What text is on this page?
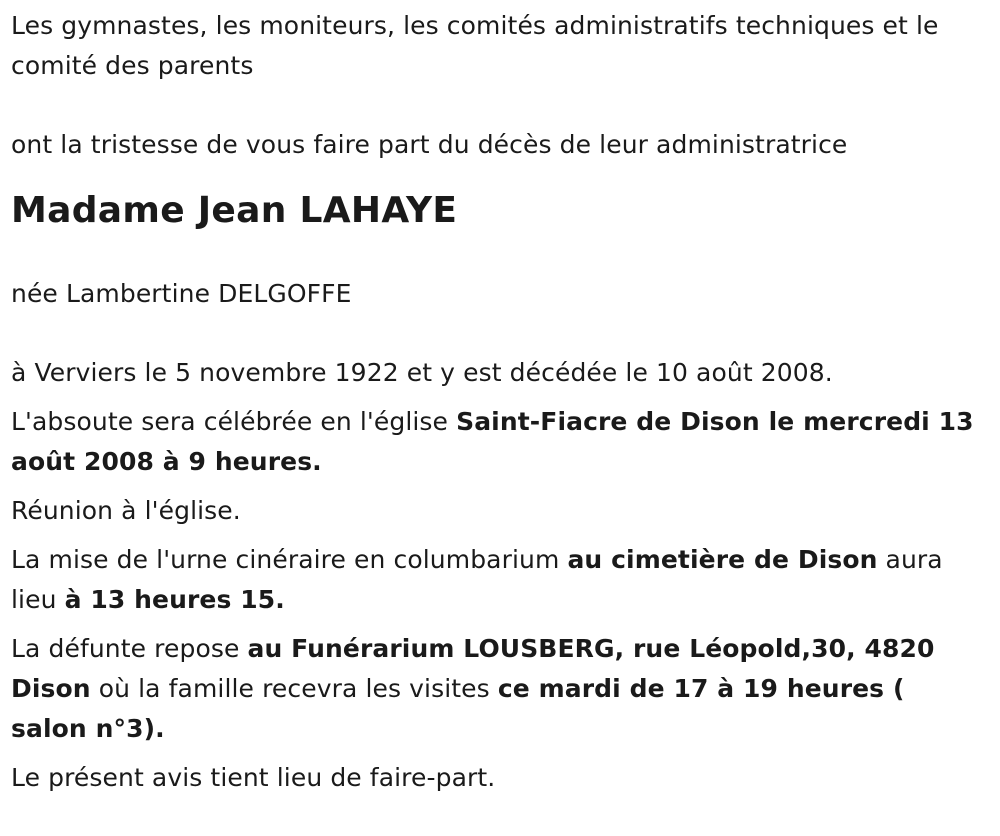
Les gymnastes, les moniteurs, les comités administratifs techniques et le comité des parents

ont la tristesse de vous faire part du décès de leur administratrice

Madame Jean LAHAYE

née Lambertine DELGOFFE

à Verviers le 5 novembre 1922 et y est décédée le 10 août 2008.

L'absoute sera célébrée en l'église Saint-Fiacre de Dison le mercredi 13 août 2008 à 9 heures.

Réunion à l'église.

La mise de l'urne cinéraire en columbarium au cimetière de Dison aura lieu à 13 heures 15.

La défunte repose au Funérarium LOUSBERG, rue Léopold,30, 4820 Dison où la famille recevra les visites ce mardi de 17 à 19 heures ( salon n°3).

Le présent avis tient lieu de faire-part.
